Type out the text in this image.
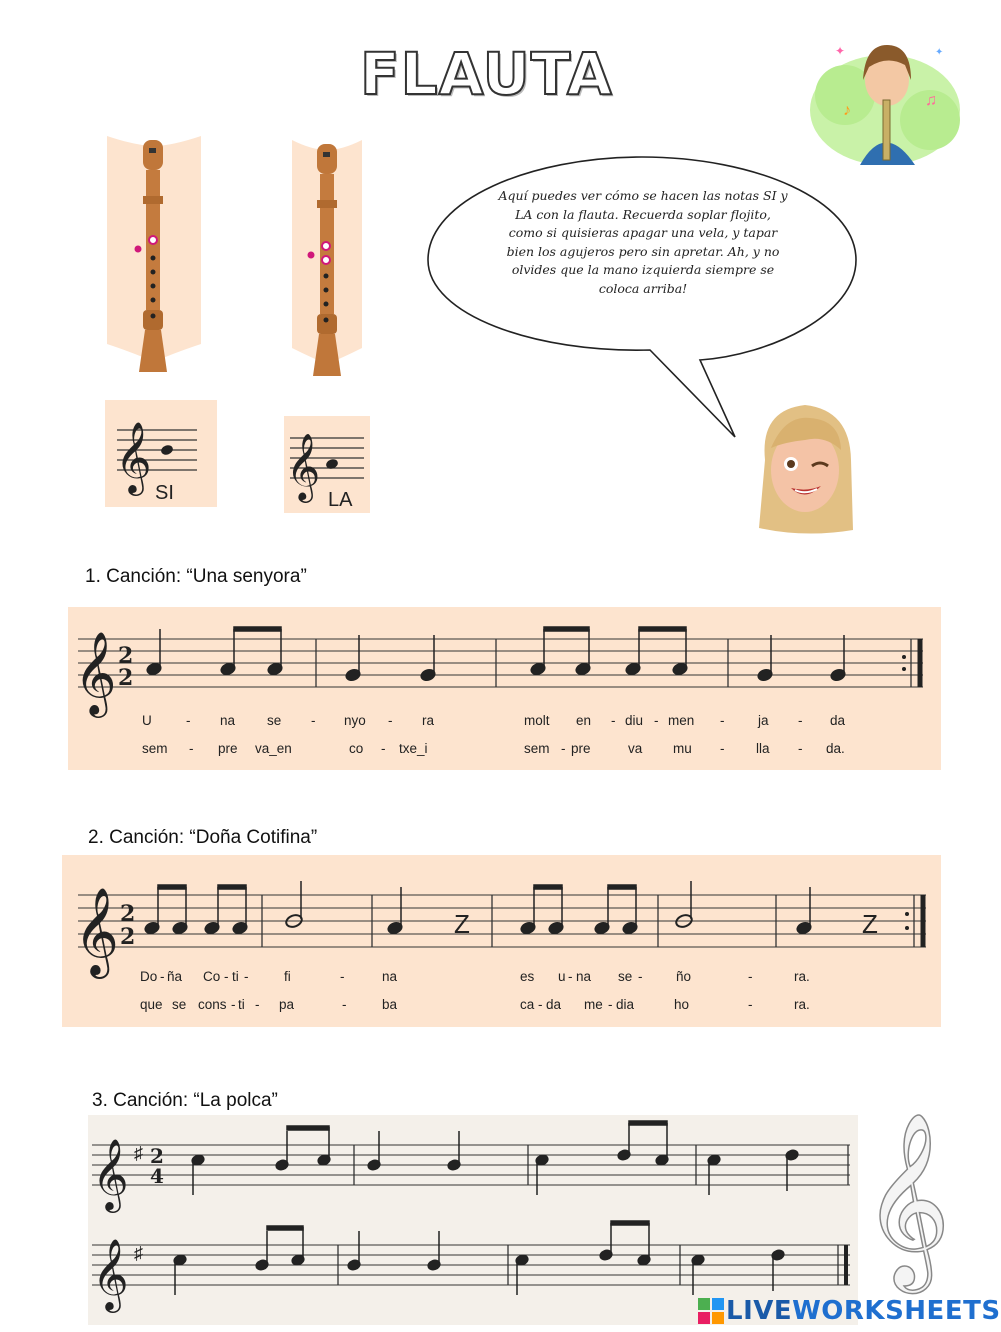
FLAUTA
♪
♫
✦	✦
𝄞 SI 𝄞 LA
Aquí puedes ver cómo se hacen las notas SI y LA con la flauta. Recuerda soplar flojito, como si quisieras apagar una vela, y tapar bien los agujeros pero sin apretar. Ah, y no olvides que la mano izquierda siempre se coloca arriba!
1. Canción: “Una senyora”
𝄞 2
2
U	- na se - nyo - ra	molt en - diu - men - ja - da
sem - pre va_en	co - txe_i	sem - pre	va mu - lla - da.
2. Canción: “Doña Cotifina”
𝄞 2
2	Z	Z
Do - ña Co - ti -	fi	-	na	es u - na se - ño	-	ra.
que se cons - ti - pa	-	ba	ca - da me - dia	ho	-	ra.
3. Canción: “La polca”
𝄞 ♯ 2
4
𝄞 ♯	𝄞
LIVEWORKSHEETS
